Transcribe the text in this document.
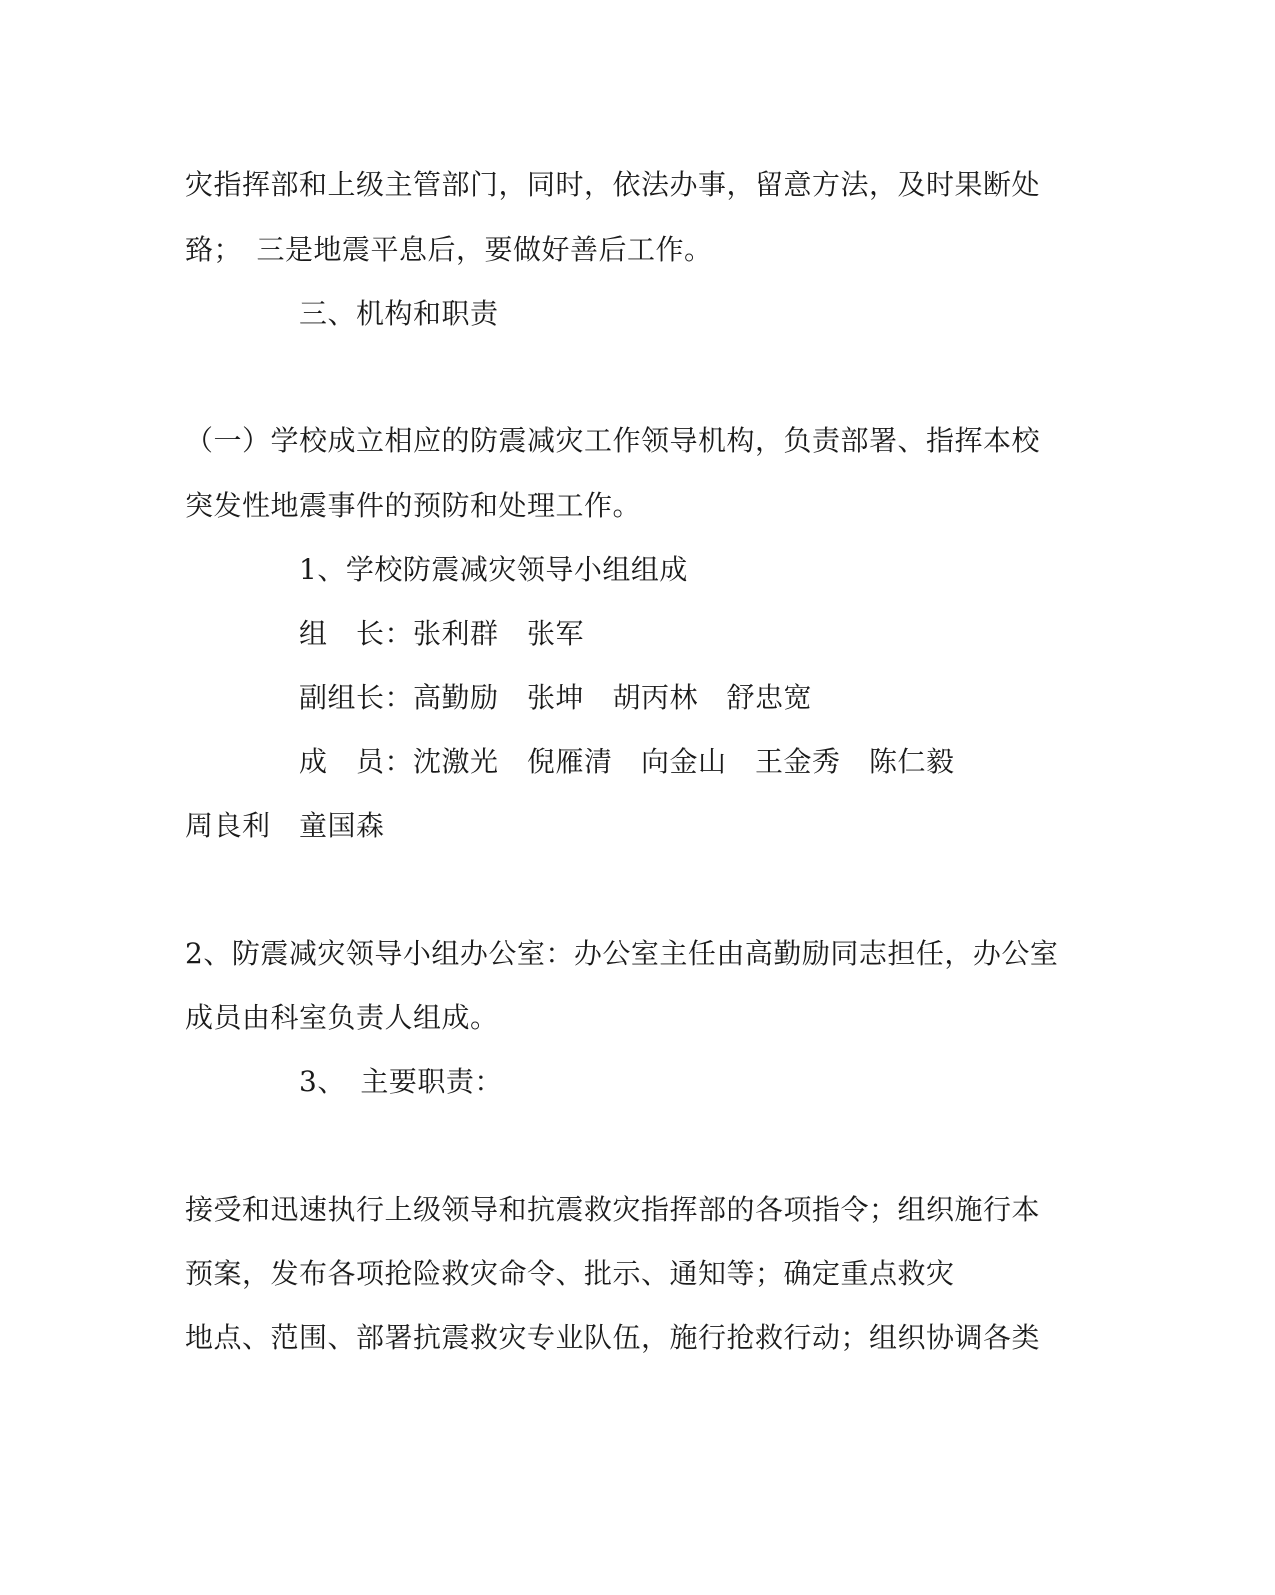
灾指挥部和上级主管部门，同时，依法办事，留意方法，及时果断处
臵；　三是地震平息后，要做好善后工作。
三、机构和职责
（一）学校成立相应的防震减灾工作领导机构，负责部署、指挥本校
突发性地震事件的预防和处理工作。
1、学校防震减灾领导小组组成
组　长：张利群　张军
副组长：高勤励　张坤　胡丙林　舒忠宽
成　员：沈激光　倪雁清　向金山　王金秀　陈仁毅
周良利　童国森
2、防震减灾领导小组办公室：办公室主任由高勤励同志担任，办公室
成员由科室负责人组成。
3、　主要职责：
接受和迅速执行上级领导和抗震救灾指挥部的各项指令；组织施行本
预案，发布各项抢险救灾命令、批示、通知等；确定重点救灾
地点、范围、部署抗震救灾专业队伍，施行抢救行动；组织协调各类
